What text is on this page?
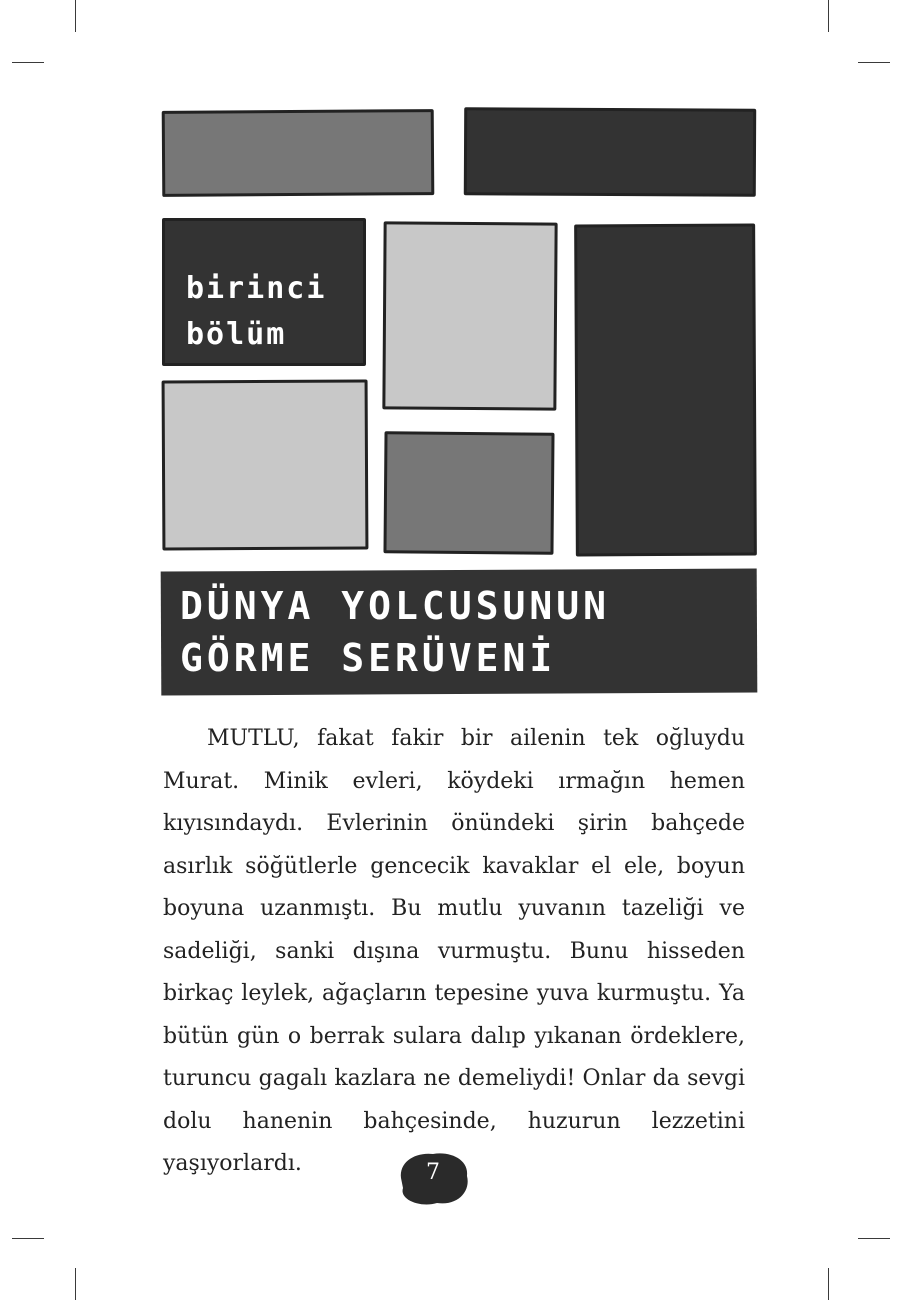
birinci
bölüm
DÜNYA YOLCUSUNUN
GÖRME SERÜVENİ

MUTLU, fakat fakir bir ailenin tek oğluydu Murat. Minik evleri, köydeki ırmağın hemen kıyısındaydı. Evlerinin önündeki şirin bahçede asırlık söğütlerle gencecik kavaklar el ele, boyun boyuna uzanmıştı. Bu mutlu yuvanın tazeliği ve sadeliği, sanki dışına vurmuştu. Bunu hisseden birkaç leylek, ağaçların tepesine yuva kurmuştu. Ya bütün gün o berrak sulara dalıp yıkanan ördeklere, turuncu gagalı kazlara ne demeliydi! Onlar da sevgi dolu hanenin bahçesinde, huzurun lezzetini yaşıyorlardı.	7
